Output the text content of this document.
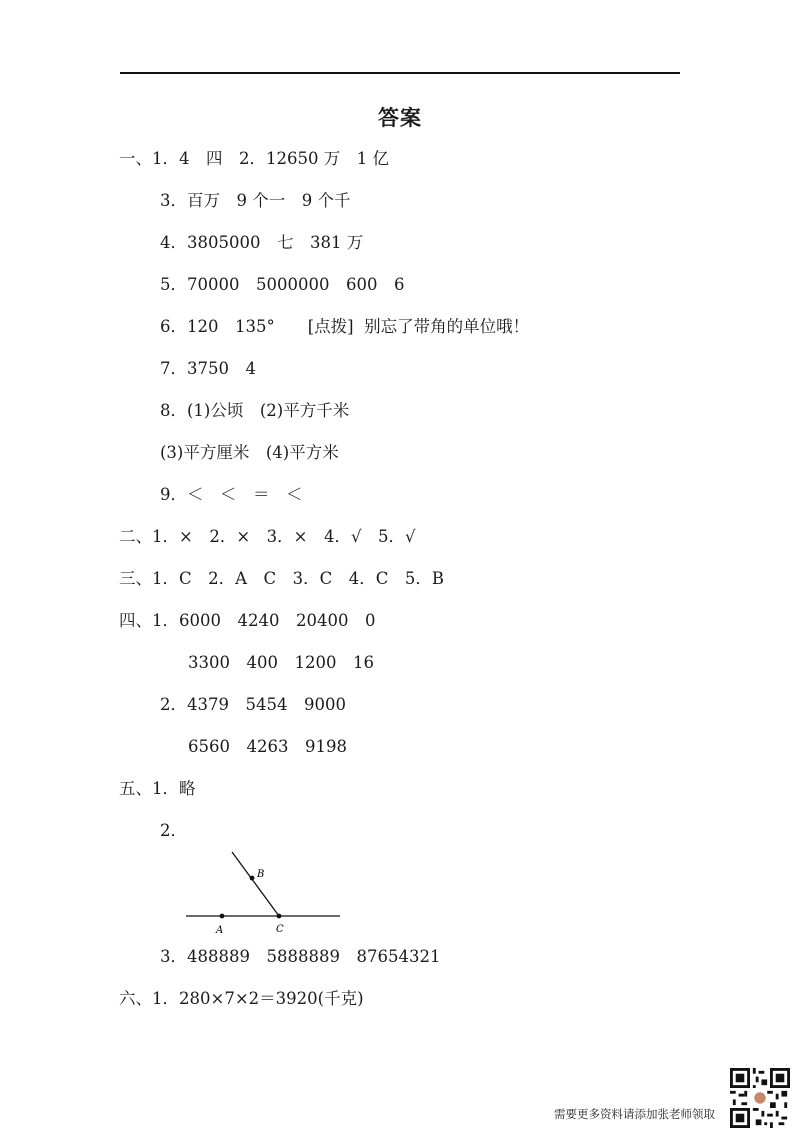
答案
一、1．4　四　2．12650 万　1 亿
3．百万　9 个一　9 个千
4．3805000　七　381 万
5．70000　5000000　600　6
6．120　135°　　[点拨]  别忘了带角的单位哦！
7．3750　4
8．(1)公顷　(2)平方千米
(3)平方厘米　(4)平方米
9．＜　＜　＝　＜
二、1．×　2．×　3．×　4．√　5．√
三、1．C　2．A　C　3．C　4．C　5．B
四、1．6000　4240　20400　0
3300　400　1200　16
2．4379　5454　9000
6560　4263　9198
五、1．略
2．
A
B
C
3．488889　5888889　87654321
六、1．280×7×2＝3920(千克)
需要更多资料请添加张老师领取
